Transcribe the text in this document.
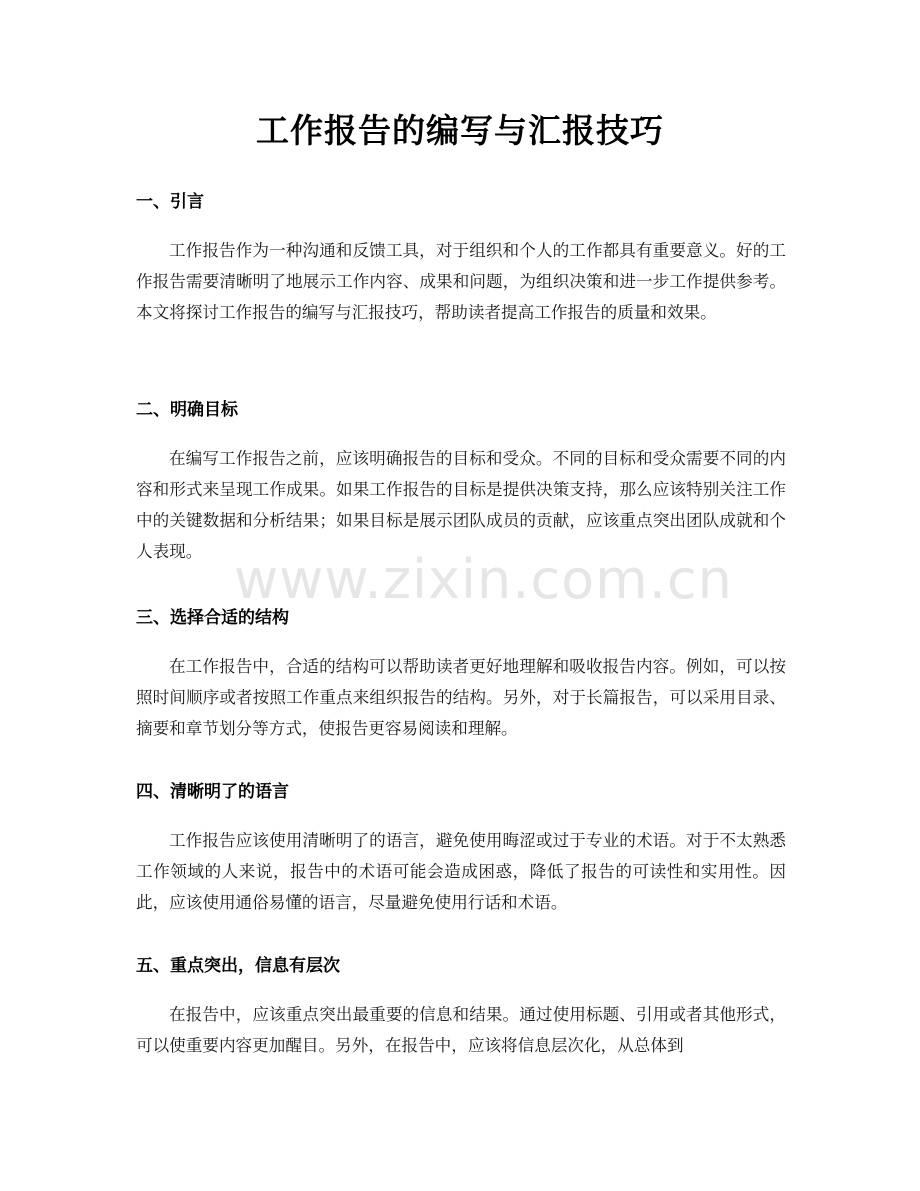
工作报告的编写与汇报技巧
一、引言
工作报告作为一种沟通和反馈工具，对于组织和个人的工作都具有重要意义。好的工作报告需要清晰明了地展示工作内容、成果和问题，为组织决策和进一步工作提供参考。本文将探讨工作报告的编写与汇报技巧，帮助读者提高工作报告的质量和效果。
二、明确目标
在编写工作报告之前，应该明确报告的目标和受众。不同的目标和受众需要不同的内容和形式来呈现工作成果。如果工作报告的目标是提供决策支持，那么应该特别关注工作中的关键数据和分析结果；如果目标是展示团队成员的贡献，应该重点突出团队成就和个人表现。
三、选择合适的结构
在工作报告中，合适的结构可以帮助读者更好地理解和吸收报告内容。例如，可以按照时间顺序或者按照工作重点来组织报告的结构。另外，对于长篇报告，可以采用目录、摘要和章节划分等方式，使报告更容易阅读和理解。
四、清晰明了的语言
工作报告应该使用清晰明了的语言，避免使用晦涩或过于专业的术语。对于不太熟悉工作领域的人来说，报告中的术语可能会造成困惑，降低了报告的可读性和实用性。因此，应该使用通俗易懂的语言，尽量避免使用行话和术语。
五、重点突出，信息有层次
在报告中，应该重点突出最重要的信息和结果。通过使用标题、引用或者其他形式，可以使重要内容更加醒目。另外，在报告中，应该将信息层次化，从总体到
www.zixin.com.cn
